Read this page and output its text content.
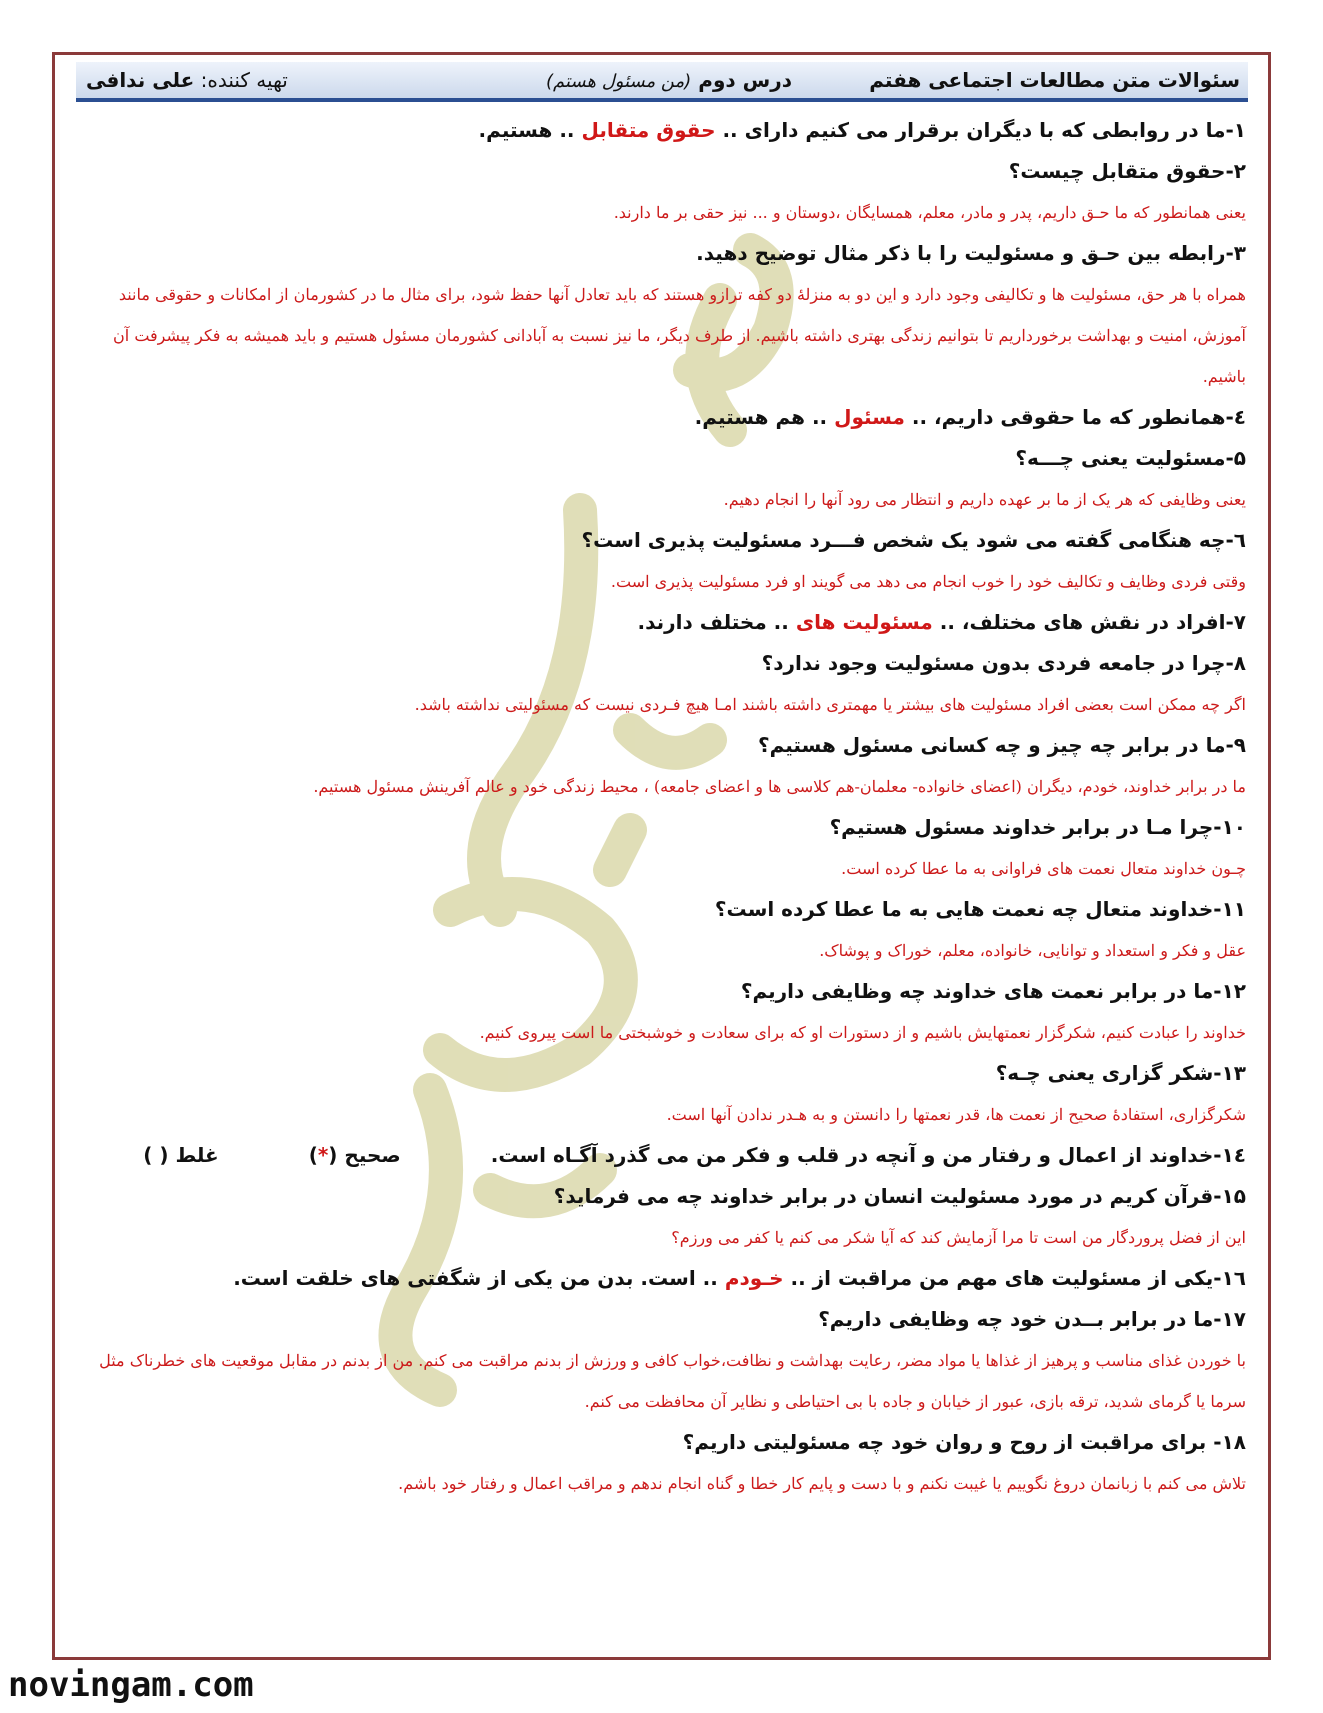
سئوالات متن مطالعات اجتماعی هفتم
درس دوم (من مسئول هستم)
تهیه کننده: علی ندافی
علی ندافی
۱-ما در روابطی که با دیگران برقرار می کنیم دارای .. حقوق متقابل .. هستیم.
۲-حقوق متقابل چیست؟
یعنی همانطور که ما حـق داریم، پدر و مادر، معلم، همسایگان ،دوستان و ... نیز حقی بر ما دارند.
۳-رابطه بین حـق و مسئولیت را با ذکر مثال توضیح دهید.
همراه با هر حق، مسئولیت ها و تکالیفی وجود دارد و این دو به منزلهٔ دو کفه ترازو هستند که باید تعادل آنها حفظ شود، برای مثال ما در کشورمان از امکانات و حقوقی مانند آموزش، امنیت و بهداشت برخورداریم تا بتوانیم زندگی بهتری داشته باشیم. از طرف دیگر، ما نیز نسبت به آبادانی کشورمان مسئول هستیم و باید همیشه به فکر پیشرفت آن باشیم.
٤-همانطور که ما حقوقی داریم، .. مسئول .. هم هستیم.
۵-مسئولیت یعنی چـــه؟
یعنی وظایفی که هر یک از ما بر عهده داریم و انتظار می رود آنها را انجام دهیم.
٦-چه هنگامی گفته می شود یک شخص فـــرد مسئولیت پذیری است؟
وقتی فردی وظایف و تکالیف خود را خوب انجام می دهد می گویند او فرد مسئولیت پذیری است.
۷-افراد در نقش های مختلف، .. مسئولیت های .. مختلف دارند.
۸-چرا در جامعه فردی بدون مسئولیت وجود ندارد؟
اگر چه ممکن است بعضی افراد مسئولیت های بیشتر یا مهمتری داشته باشند امـا هیچ فـردی نیست که مسئولیتی نداشته باشد.
۹-ما در برابر چه چیز و چه کسانی مسئول هستیم؟
ما در برابر خداوند، خودم، دیگران (اعضای خانواده- معلمان-هم کلاسی ها و اعضای جامعه) ، محیط زندگی خود و عالم آفرینش مسئول هستیم.
۱۰-چرا مـا در برابر خداوند مسئول هستیم؟
چـون خداوند متعال نعمت های فراوانی به ما عطا کرده است.
۱۱-خداوند متعال چه نعمت هایی به ما عطا کرده است؟
عقل و فکر و استعداد و توانایی، خانواده، معلم، خوراک و پوشاک.
۱۲-ما در برابر نعمت های خداوند چه وظایفی داریم؟
خداوند را عبادت کنیم، شکرگزار نعمتهایش باشیم و از دستورات او که برای سعادت و خوشبختی ما است پیروی کنیم.
۱۳-شکر گزاری یعنی چـه؟
شکرگزاری، استفادهٔ صحیح از نعمت ها، قدر نعمتها را دانستن و به هـدر ندادن آنها است.
۱٤-خداوند از اعمال و رفتار من و آنچه در قلب و فکر من می گذرد آگـاه است.صحیح (*)غلط ( )
۱۵-قرآن کریم در مورد مسئولیت انسان در برابر خداوند چه می فرماید؟
این از فضل پروردگار من است تا مرا آزمایش کند که آیا شکر می کنم یا کفر می ورزم؟
۱٦-یکی از مسئولیت های مهم من مراقبت از .. خـودم .. است. بدن من یکی از شگفتی های خلقت است.
۱۷-ما در برابر بــدن خود چه وظایفی داریم؟
با خوردن غذای مناسب و پرهیز از غذاها یا مواد مضر، رعایت بهداشت و نظافت،خواب کافی و ورزش از بدنم مراقبت می کنم. من از بدنم در مقابل موقعیت های خطرناک مثل سرما یا گرمای شدید، ترقه بازی، عبور از خیابان و جاده با بی احتیاطی و نظایر آن محافظت می کنم.
۱۸- برای مراقبت از روح و روان خود چه مسئولیتی داریم؟
تلاش می کنم با زبانمان دروغ نگوییم یا غیبت نکنم و با دست و پایم کار خطا و گناه انجام ندهم و مراقب اعمال و رفتار خود باشم.
novingam.com
